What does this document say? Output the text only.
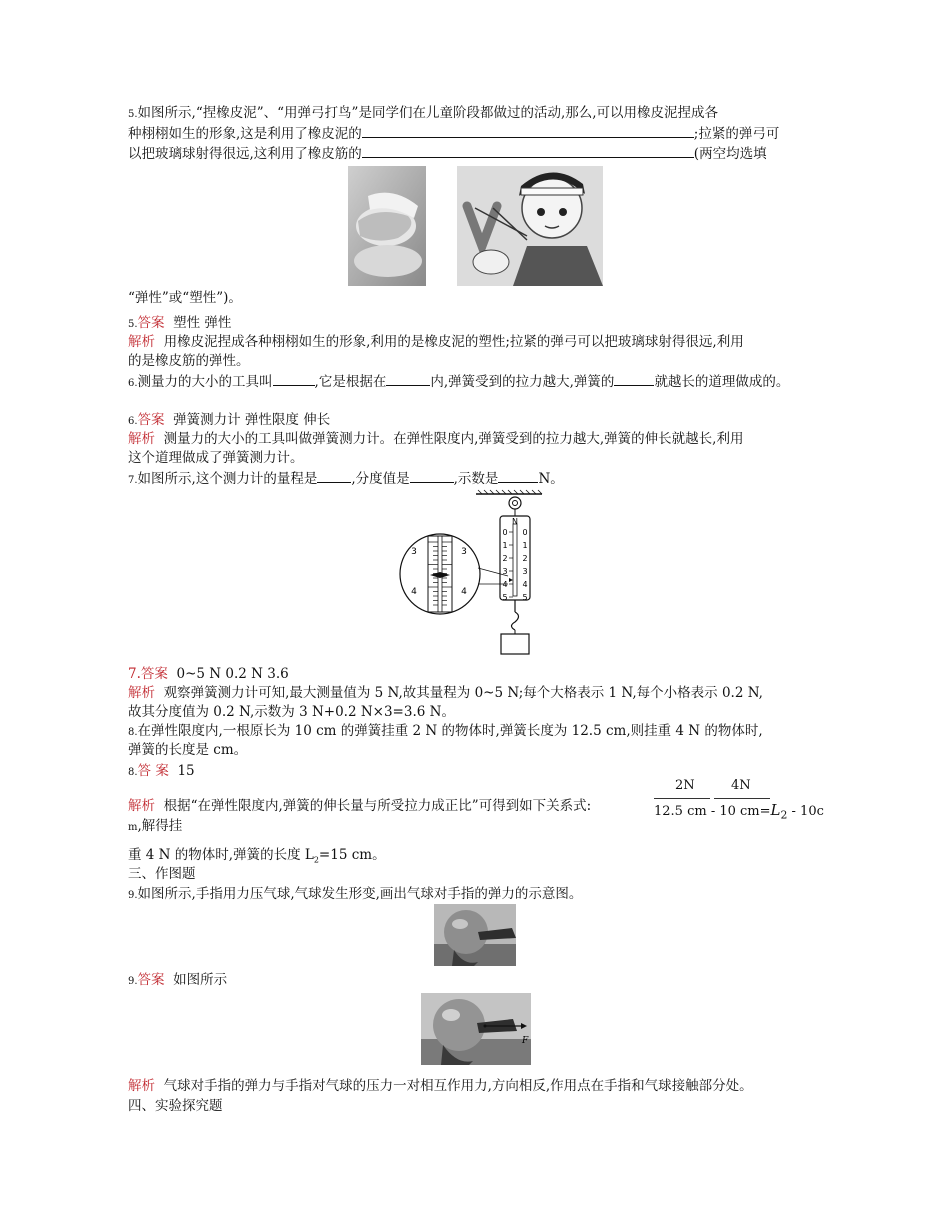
5.如图所示,“捏橡皮泥”、“用弹弓打鸟”是同学们在儿童阶段都做过的活动,那么,可以用橡皮泥捏成各
种栩栩如生的形象,这是利用了橡皮泥的	;拉紧的弹弓可
以把玻璃球射得很远,这利用了橡皮筋的	(两空均选填
“弹性”或“塑性”)。
5.答案 塑性 弹性
解析 用橡皮泥捏成各种栩栩如生的形象,利用的是橡皮泥的塑性;拉紧的弹弓可以把玻璃球射得很远,利用
的是橡皮筋的弹性。
6.测量力的大小的工具叫	,它是根据在	内,弹簧受到的拉力越大,弹簧的	就越长的道理做成的。
6.答案 弹簧测力计 弹性限度 伸长
解析 测量力的大小的工具叫做弹簧测力计。在弹性限度内,弹簧受到的拉力越大,弹簧的伸长就越长,利用
这个道理做成了弹簧测力计。
7.如图所示,这个测力计的量程是	,分度值是	,示数是	N。
N
0 0
1 1
2 2
3 3
4 4
5 5
3	3
4	4
7.答案 0~5 N 0.2 N 3.6
解析 观察弹簧测力计可知,最大测量值为 5 N,故其量程为 0~5 N;每个大格表示 1 N,每个小格表示 0.2 N,
故其分度值为 0.2 N,示数为 3 N+0.2 N×3=3.6 N。
8.在弹性限度内,一根原长为 10 cm 的弹簧挂重 2 N 的物体时,弹簧长度为 12.5 cm,则挂重 4 N 的物体时,
弹簧的长度是 cm。
8.答 案 15
解析 根据“在弹性限度内,弹簧的伸长量与所受拉力成正比”可得到如下关系式:
2N	4N
12.5 cm - 10 $cm=L_2 - 10c$
m,解得挂
重 4 N 的物体时,弹簧的长度 $L_2=15$ cm。
三、作图题
9.如图所示,手指用力压气球,气球发生形变,画出气球对手指的弹力的示意图。
9.答案 如图所示
F
解析 气球对手指的弹力与手指对气球的压力一对相互作用力,方向相反,作用点在手指和气球接触部分处。
四、实验探究题
